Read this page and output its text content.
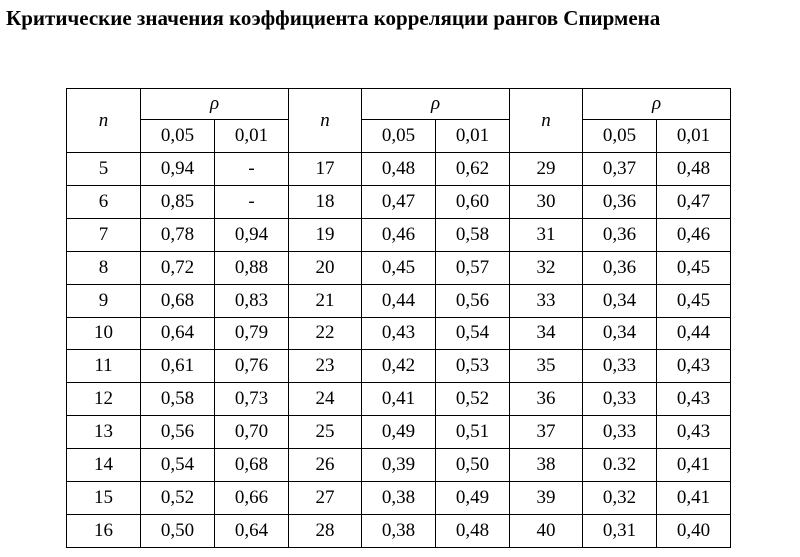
Критические значения коэффициента корреляции рангов Спирмена
n	ρ		n	ρ		n	ρ	
	0,05	0,01		0,05	0,01		0,05	0,01
5	0,94	-	17	0,48	0,62	29	0,37	0,48
6	0,85	-	18	0,47	0,60	30	0,36	0,47
7	0,78	0,94	19	0,46	0,58	31	0,36	0,46
8	0,72	0,88	20	0,45	0,57	32	0,36	0,45
9	0,68	0,83	21	0,44	0,56	33	0,34	0,45
10	0,64	0,79	22	0,43	0,54	34	0,34	0,44
11	0,61	0,76	23	0,42	0,53	35	0,33	0,43
12	0,58	0,73	24	0,41	0,52	36	0,33	0,43
13	0,56	0,70	25	0,49	0,51	37	0,33	0,43
14	0,54	0,68	26	0,39	0,50	38	0.32	0,41
15	0,52	0,66	27	0,38	0,49	39	0,32	0,41
16	0,50	0,64	28	0,38	0,48	40	0,31	0,40
